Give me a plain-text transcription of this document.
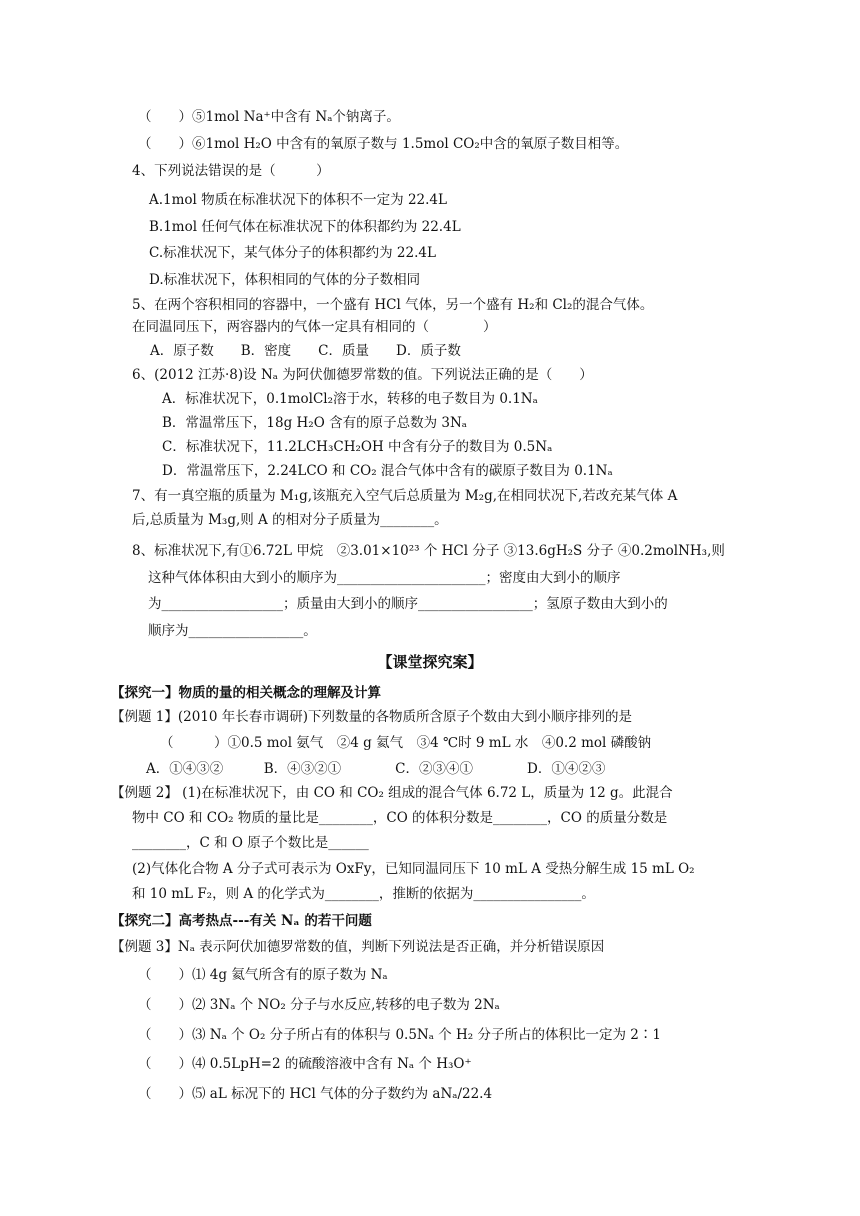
（　　）⑤1mol Na⁺中含有 Nₐ个钠离子。
（　　）⑥1mol H₂O 中含有的氧原子数与 1.5mol CO₂中含的氧原子数目相等。
4、下列说法错误的是（　　　）
A.1mol 物质在标准状况下的体积不一定为 22.4L
B.1mol 任何气体在标准状况下的体积都约为 22.4L
C.标准状况下，某气体分子的体积都约为 22.4L
D.标准状况下，体积相同的气体的分子数相同
5、在两个容积相同的容器中，一个盛有 HCl 气体，另一个盛有 H₂和 Cl₂的混合气体。
在同温同压下，两容器内的气体一定具有相同的（　　　　）
A．原子数　　B．密度　　C．质量　　D．质子数
6、(2012 江苏·8)设 Nₐ 为阿伏伽德罗常数的值。下列说法正确的是（　　）
A．标准状况下，0.1molCl₂溶于水，转移的电子数目为 0.1Nₐ
B．常温常压下，18g H₂O 含有的原子总数为 3Nₐ
C．标准状况下，11.2LCH₃CH₂OH 中含有分子的数目为 0.5Nₐ
D．常温常压下，2.24LCO 和 CO₂ 混合气体中含有的碳原子数目为 0.1Nₐ
7、有一真空瓶的质量为 M₁g,该瓶充入空气后总质量为 M₂g,在相同状况下,若改充某气体 A
后,总质量为 M₃g,则 A 的相对分子质量为________。
8、标准状况下,有①6.72L 甲烷　②3.01×10²³ 个 HCl 分子 ③13.6gH₂S 分子 ④0.2molNH₃,则
这种气体体积由大到小的顺序为______________________；密度由大到小的顺序
为__________________；质量由大到小的顺序_________________；氢原子数由大到小的
顺序为_________________。
【课堂探究案】
【探究一】物质的量的相关概念的理解及计算
【例题 1】(2010 年长春市调研)下列数量的各物质所含原子个数由大到小顺序排列的是
（　　　）①0.5 mol 氨气　②4 g 氦气　③4 ℃时 9 mL 水　④0.2 mol 磷酸钠
A．①④③②　　　B．④③②①　　　　C．②③④①　　　　D．①④②③
【例题 2】 (1)在标准状况下，由 CO 和 CO₂ 组成的混合气体 6.72 L，质量为 12 g。此混合
物中 CO 和 CO₂ 物质的量比是________，CO 的体积分数是________，CO 的质量分数是
________，C 和 O 原子个数比是______
(2)气体化合物 A 分子式可表示为 OxFy，已知同温同压下 10 mL A 受热分解生成 15 mL O₂
和 10 mL F₂，则 A 的化学式为________，推断的依据为________________。
【探究二】高考热点---有关 Nₐ 的若干问题
【例题 3】Nₐ 表示阿伏加德罗常数的值，判断下列说法是否正确，并分析错误原因
（　　）⑴ 4g 氦气所含有的原子数为 Nₐ
（　　）⑵ 3Nₐ 个 NO₂ 分子与水反应,转移的电子数为 2Nₐ
（　　）⑶ Nₐ 个 O₂ 分子所占有的体积与 0.5Nₐ 个 H₂ 分子所占的体积比一定为 2∶1
（　　）⑷ 0.5LpH=2 的硫酸溶液中含有 Nₐ 个 H₃O⁺
（　　）⑸ aL 标况下的 HCl 气体的分子数约为 aNₐ/22.4
